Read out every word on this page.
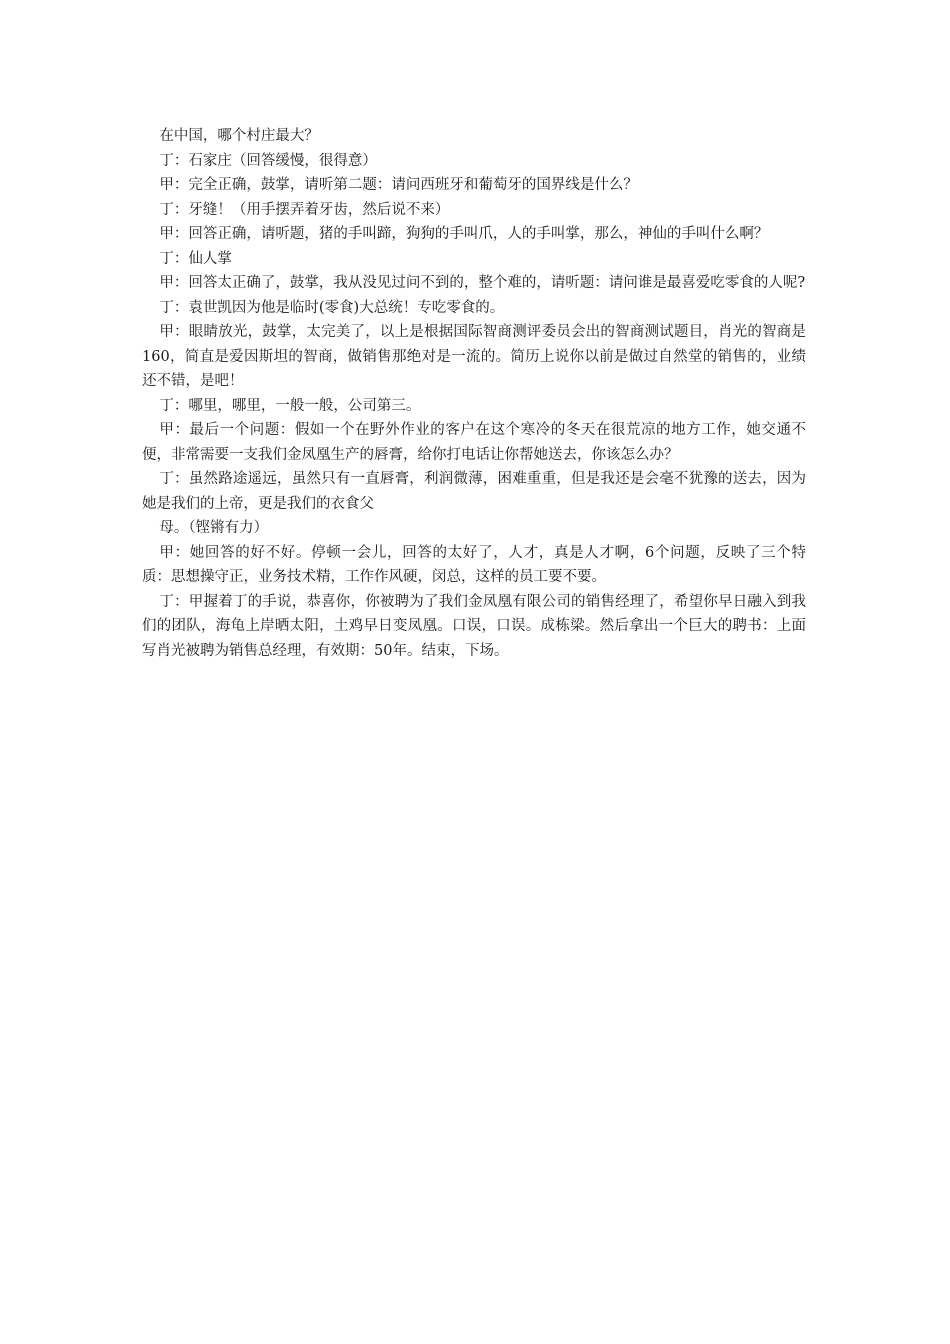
在中国，哪个村庄最大？

丁：石家庄（回答缓慢，很得意）

甲：完全正确，鼓掌，请听第二题：请问西班牙和葡萄牙的国界线是什么？

丁：牙缝！（用手摆弄着牙齿，然后说不来）

甲：回答正确，请听题，猪的手叫蹄，狗狗的手叫爪，人的手叫掌，那么，神仙的手叫什么啊？

丁：仙人掌

甲：回答太正确了，鼓掌，我从没见过问不到的，整个难的，请听题：请问谁是最喜爱吃零食的人呢?

丁：袁世凯因为他是临时(零食)大总统！专吃零食的。

甲：眼睛放光，鼓掌，太完美了，以上是根据国际智商测评委员会出的智商测试题目，肖光的智商是160，简直是爱因斯坦的智商，做销售那绝对是一流的。简历上说你以前是做过自然堂的销售的，业绩还不错，是吧！

丁：哪里，哪里，一般一般，公司第三。

甲：最后一个问题：假如一个在野外作业的客户在这个寒冷的冬天在很荒凉的地方工作，她交通不便，非常需要一支我们金凤凰生产的唇膏，给你打电话让你帮她送去，你该怎么办？

丁：虽然路途遥远，虽然只有一直唇膏，利润微薄，困难重重，但是我还是会毫不犹豫的送去，因为她是我们的上帝，更是我们的衣食父

母。（铿锵有力）

甲：她回答的好不好。停顿一会儿，回答的太好了，人才，真是人才啊，6个问题，反映了三个特质：思想操守正，业务技术精，工作作风硬，闵总，这样的员工要不要。

丁：甲握着丁的手说，恭喜你，你被聘为了我们金凤凰有限公司的销售经理了，希望你早日融入到我们的团队，海龟上岸晒太阳，土鸡早日变凤凰。口误，口误。成栋梁。然后拿出一个巨大的聘书：上面写肖光被聘为销售总经理，有效期：50年。结束，下场。
